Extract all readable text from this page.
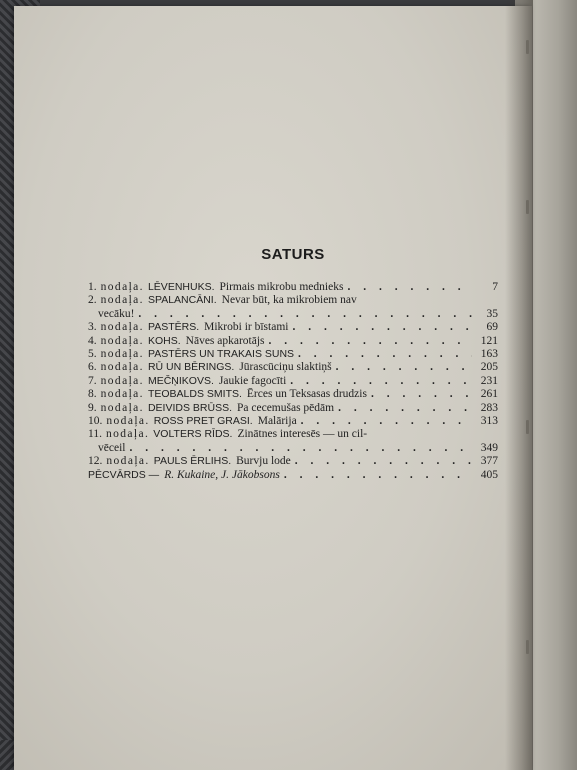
SATURS
1. nodaļa. LĒVENHUKS. Pirmais mikrobu mednieks . . .	7
2. nodaļa. SPALANCĀNI. Nevar būt, ka mikrobiem nav
vecāku! . . .	35
3. nodaļa. PASTĒRS. Mikrobi ir bīstami . . .	69
4. nodaļa. KOHS. Nāves apkarotājs . . .	121
5. nodaļa. PASTĒRS UN TRAKAIS SUNS . . .	163
6. nodaļa. RŪ UN BĒRINGS. Jūrascūciņu slaktiņš . . .	205
7. nodaļa. MEČŅIKOVS. Jaukie fagocīti . . .	231
8. nodaļa. TEOBALDS SMITS. Ērces un Teksasas drudzis . . .	261
9. nodaļa. DEIVIDS BRŪSS. Pa cecemušas pēdām . . .	283
10. nodaļa. ROSS PRET GRASI. Malārija . . .	313
11. nodaļa. VOLTERS RĪDS. Zinātnes interesēs — un cil-
vēceil . . .	349
12. nodaļa. PAULS ĒRLIHS. Burvju lode . . .	377
PĒCVĀRDS — R. Kukaine, J. Jākobsons . . .	405
